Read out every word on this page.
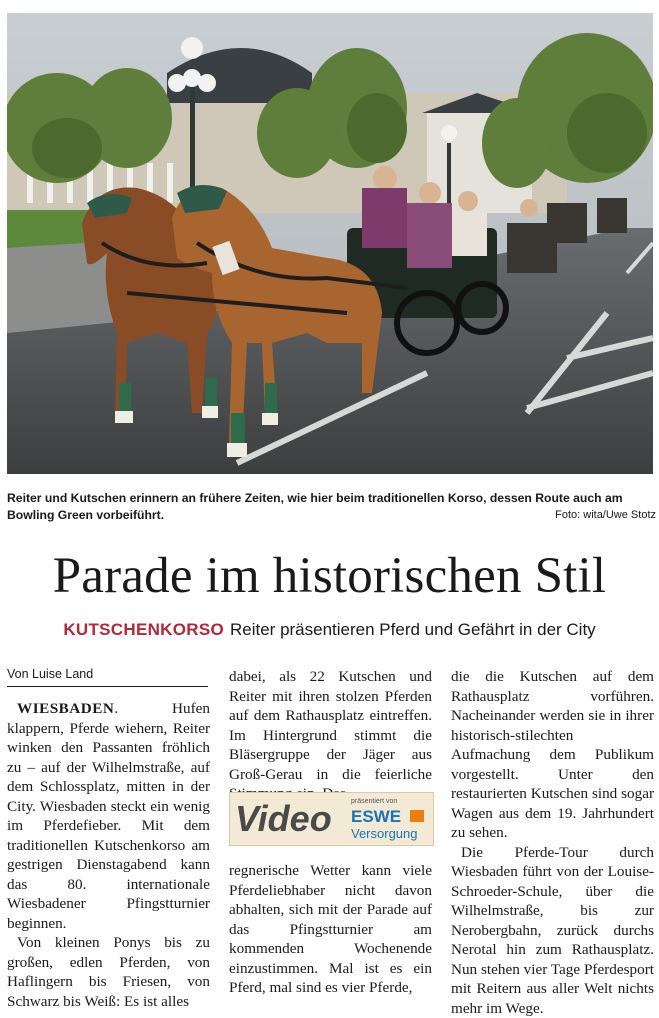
Reiter und Kutschen erinnern an frühere Zeiten, wie hier beim traditionellen Korso, dessen Route auch am Bowling Green vorbeiführt.	Foto: wita/Uwe Stotz
Parade im historischen Stil
KUTSCHENKORSO Reiter präsentieren Pferd und Gefährt in der City
Von Luise Land

WIESBADEN. Hufen klappern, Pferde wiehern, Reiter winken den Passanten fröhlich zu – auf der Wilhelmstraße, auf dem Schlossplatz, mitten in der City. Wiesbaden steckt ein wenig im Pferdefieber. Mit dem traditionellen Kutschenkorso am gestrigen Dienstagabend kann das 80. internationale Wiesbadener Pfingstturnier beginnen.

Von kleinen Ponys bis zu großen, edlen Pferden, von Haflingern bis Friesen, von Schwarz bis Weiß: Es ist alles

dabei, als 22 Kutschen und Reiter mit ihren stolzen Pferden auf dem Rathausplatz eintreffen. Im Hintergrund stimmt die Bläsergruppe der Jäger aus Groß-Gerau in die feierliche

Video	präsentiert von
ESWE
Versorgung

regnerische Wetter kann viele Pferdeliebhaber nicht davon abhalten, sich mit der Parade auf das Pfingstturnier am kommenden Wochenende einzustimmen. Mal ist es ein Pferd, mal sind es vier Pferde,

die die Kutschen auf dem Rathausplatz vorführen. Nacheinander werden sie in ihrer historisch-stilechten Aufmachung dem Publikum vorgestellt. Unter den restaurierten Kutschen sind sogar Wagen aus dem 19. Jahrhundert zu sehen.

Die Pferde-Tour durch Wiesbaden führt von der Louise-Schroeder-Schule, über die Wilhelmstraße, bis zur Nerobergbahn, zurück durchs Nerotal hin zum Rathausplatz. Nun stehen vier Tage Pferdesport mit Reitern aus aller Welt nichts mehr im Wege.
